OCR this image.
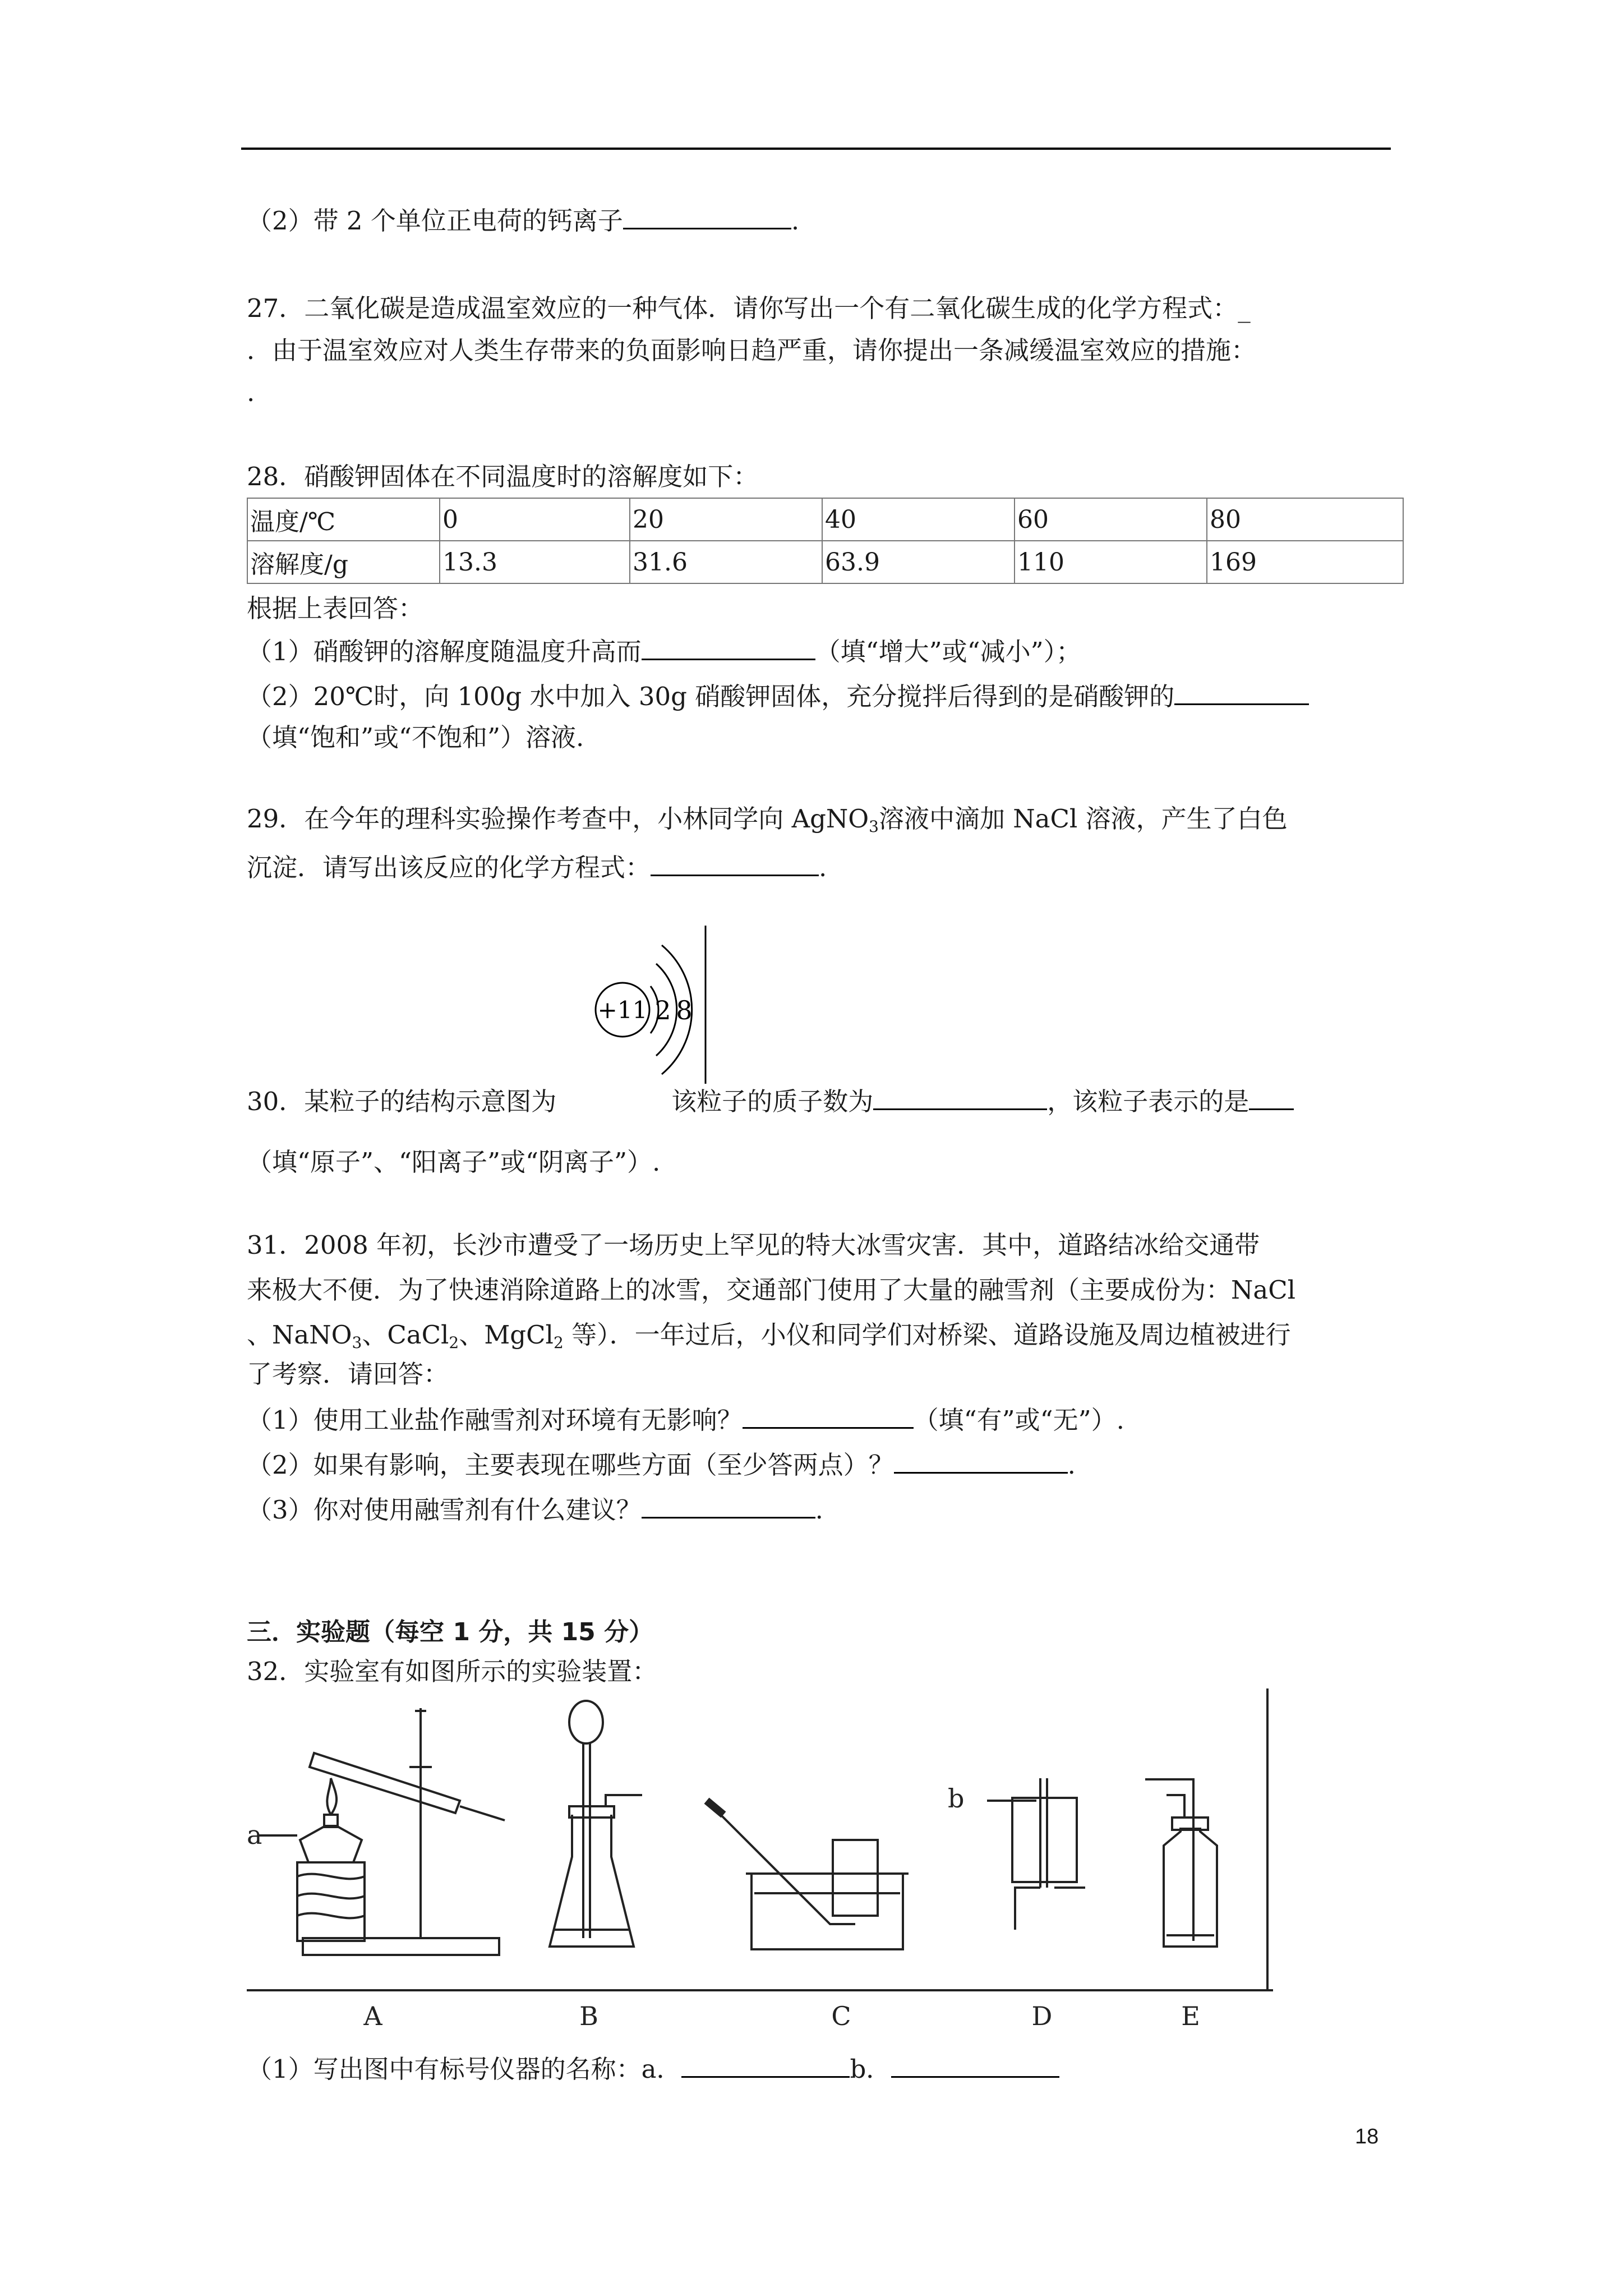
（2）带 2 个单位正电荷的钙离子	.
27．二氧化碳是造成温室效应的一种气体．请你写出一个有二氧化碳生成的化学方程式：_
．由于温室效应对人类生存带来的负面影响日趋严重，请你提出一条减缓温室效应的措施：
.
28．硝酸钾固体在不同温度时的溶解度如下：
温度/℃	0	20	40	60	80
溶解度/g	13.3	31.6	63.9	110	169
根据上表回答：
（1）硝酸钾的溶解度随温度升高而	（填“增大”或“减小”）；
（2）20℃时，向 100g 水中加入 30g 硝酸钾固体，充分搅拌后得到的是硝酸钾的
（填“饱和”或“不饱和”）溶液.
29．在今年的理科实验操作考查中，小林同学向 AgNO$_3$溶液中滴加 NaCl 溶液，产生了白色
沉淀．请写出该反应的化学方程式：	.
+11 2 8
30．某粒子的结构示意图为	该粒子的质子数为	，该粒子表示的是
（填“原子”、“阳离子”或“阴离子”）.
31．2008 年初，长沙市遭受了一场历史上罕见的特大冰雪灾害．其中，道路结冰给交通带
来极大不便．为了快速消除道路上的冰雪，交通部门使用了大量的融雪剂（主要成份为：NaCl
、NaNO$_3$、CaCl$_2$、MgCl$_2$ 等）．一年过后，小仪和同学们对桥梁、道路设施及周边植被进行
了考察．请回答：
（1）使用工业盐作融雪剂对环境有无影响？	（填“有”或“无”）.
（2）如果有影响，主要表现在哪些方面（至少答两点）？	.
（3）你对使用融雪剂有什么建议？	.
三．实验题（每空 1 分，共 15 分）
32．实验室有如图所示的实验装置：
a
b
A	B	C	D	E
（1）写出图中有标号仪器的名称：a．	b．
18
